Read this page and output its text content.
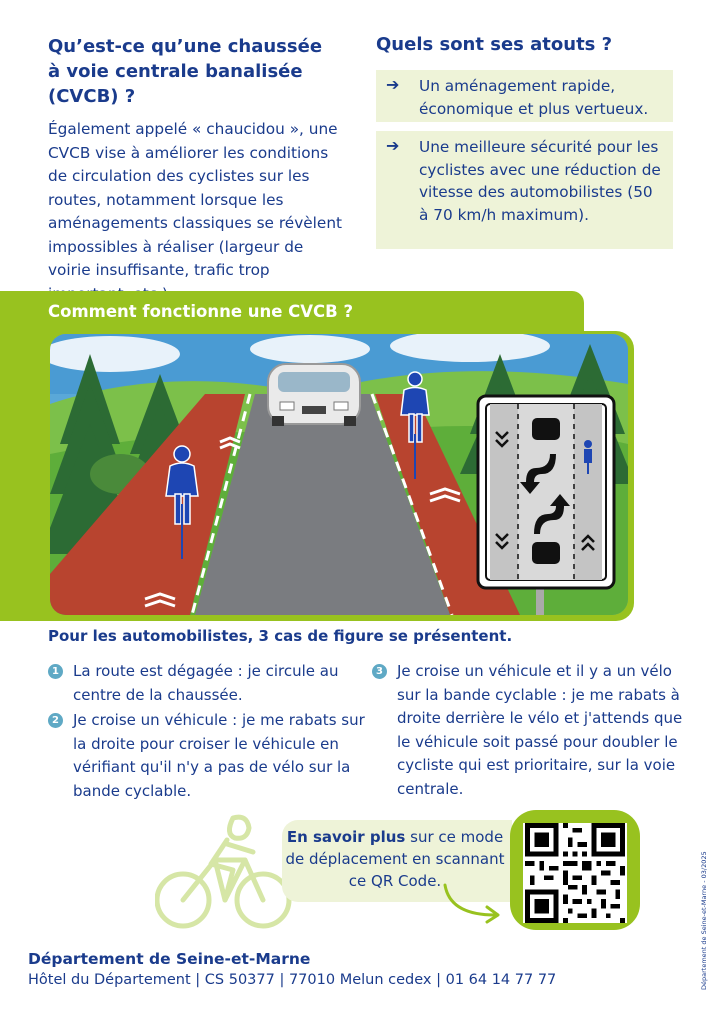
Qu’est-ce qu’une chaussée à voie centrale banalisée (CVCB) ?
Également appelé « chaucidou », une CVCB vise à améliorer les conditions de circulation des cyclistes sur les routes, notamment lorsque les aménagements classiques se révèlent impossibles à réaliser (largeur de voirie insuffisante, trafic trop
Quels sont ses atouts ?
➔ Un aménagement rapide, économique et plus vertueux.
➔ Une meilleure sécurité pour les cyclistes avec une réduction de vitesse des automobilistes (50 à 70 km/h maximum).
Comment fonctionne une CVCB ?
Pour les automobilistes, 3 cas de figure se présentent.
1 La route est dégagée : je circule au centre de la chaussée.
2 Je croise un véhicule : je me rabats sur la droite pour croiser le véhicule en vérifiant qu'il n'y a pas de vélo sur la bande cyclable.
3 Je croise un véhicule et il y a un vélo sur la bande cyclable : je me rabats à droite derrière le vélo et j'attends que le véhicule soit passé pour doubler le cycliste qui est prioritaire, sur la voie centrale.
En savoir plus sur ce mode de déplacement en scannant ce QR Code.
Département de Seine-et-Marne
Hôtel du Département | CS 50377 | 77010 Melun cedex | 01 64 14 77 77	Département de Seine-et-Marne - 03/2025
